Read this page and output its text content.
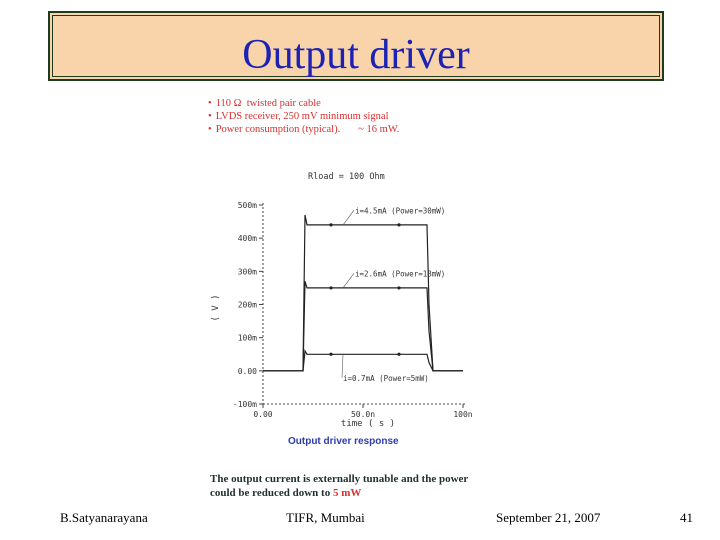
Output driver
• 110 Ω  twisted pair cable
• LVDS receiver, 250 mV minimum signal
• Power consumption (typical). ~ 16 mW.
Rload = 100 Ohm
( V )
time ( s )
500m
400m
300m
200m
100m
0.00
-100m
0.00	50.0n	100n
i=4.5mA (Power=30mW)
i=2.6mA (Power=18mW)
i=0.7mA (Power=5mW)
Output driver response
The output current is externally tunable and the power could be reduced down to 5 mW
B.Satyanarayana	TIFR, Mumbai	September 21, 2007	41
